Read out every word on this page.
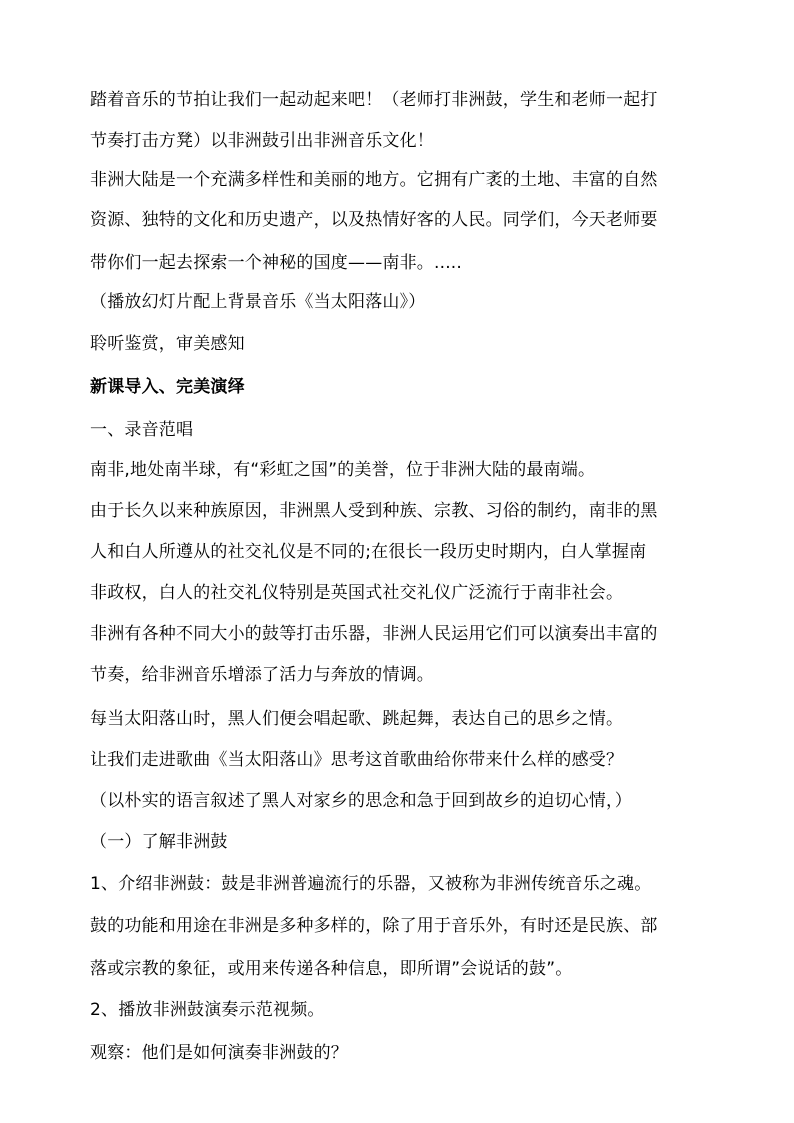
踏着音乐的节拍让我们一起动起来吧！（老师打非洲鼓，学生和老师一起打
节奏打击方凳）以非洲鼓引出非洲音乐文化！
非洲大陆是一个充满多样性和美丽的地方。它拥有广袤的土地、丰富的自然
资源、独特的文化和历史遗产，以及热情好客的人民。同学们，今天老师要
带你们一起去探索一个神秘的国度——南非。.....
（播放幻灯片配上背景音乐《当太阳落山》）
聆听鉴赏，审美感知
新课导入、完美演绎
一、录音范唱
南非,地处南半球，有“彩虹之国”的美誉，位于非洲大陆的最南端。
由于长久以来种族原因，非洲黑人受到种族、宗教、习俗的制约，南非的黑
人和白人所遵从的社交礼仪是不同的;在很长一段历史时期内，白人掌握南
非政权，白人的社交礼仪特别是英国式社交礼仪广泛流行于南非社会。
非洲有各种不同大小的鼓等打击乐器，非洲人民运用它们可以演奏出丰富的
节奏，给非洲音乐增添了活力与奔放的情调。
每当太阳落山时，黑人们便会唱起歌、跳起舞，表达自己的思乡之情。
让我们走进歌曲《当太阳落山》思考这首歌曲给你带来什么样的感受？
（以朴实的语言叙述了黑人对家乡的思念和急于回到故乡的迫切心情，）
（一）了解非洲鼓
1、介绍非洲鼓：鼓是非洲普遍流行的乐器，又被称为非洲传统音乐之魂。
鼓的功能和用途在非洲是多种多样的，除了用于音乐外，有时还是民族、部
落或宗教的象征，或用来传递各种信息，即所谓”会说话的鼓”。
2、播放非洲鼓演奏示范视频。
观察：他们是如何演奏非洲鼓的？
